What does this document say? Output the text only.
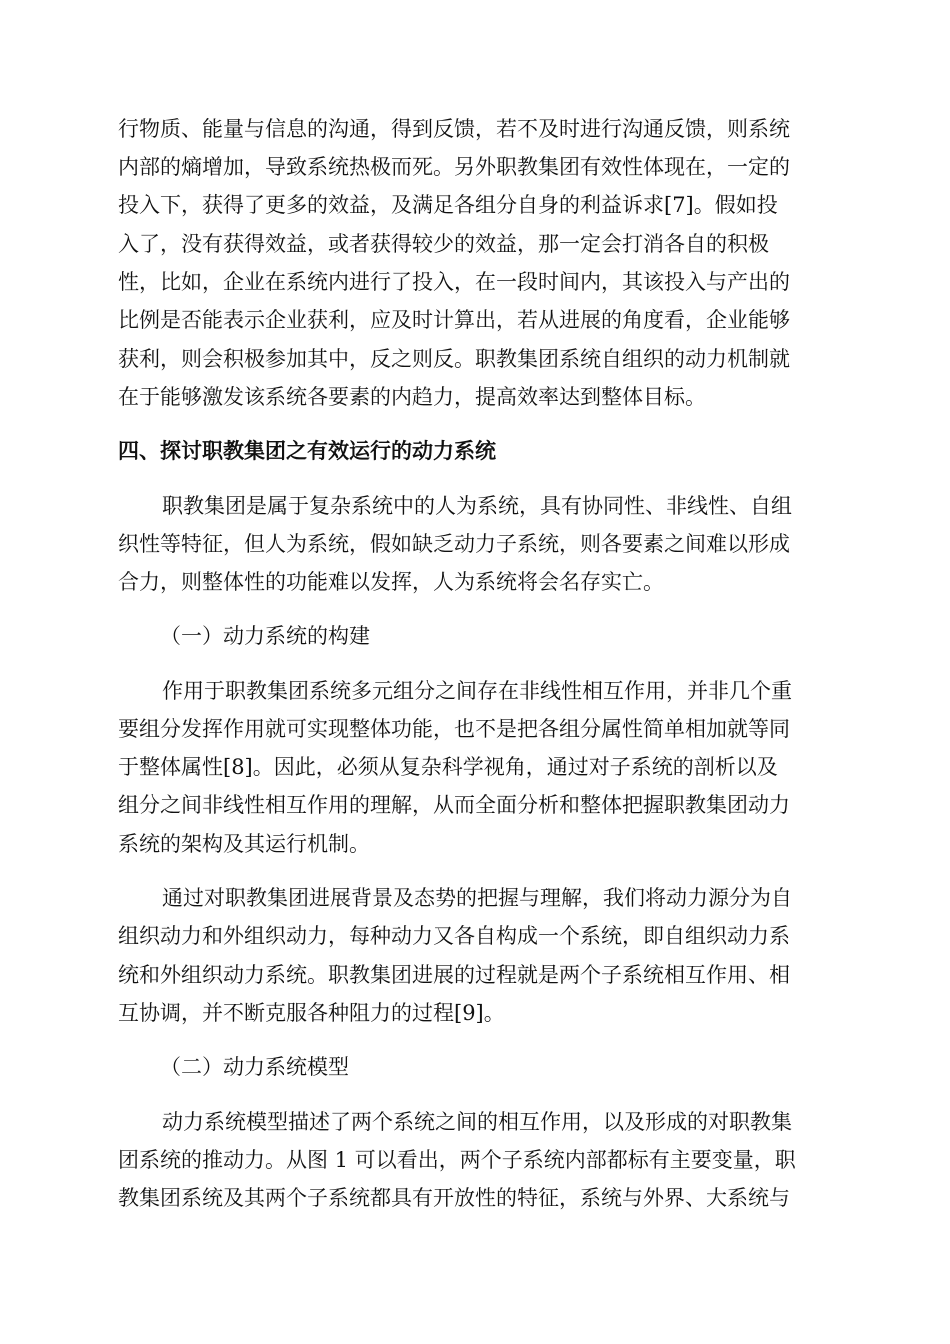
行物质、能量与信息的沟通，得到反馈，若不及时进行沟通反馈，则系统
内部的熵增加，导致系统热极而死。另外职教集团有效性体现在，一定的
投入下，获得了更多的效益，及满足各组分自身的利益诉求[7]。假如投
入了，没有获得效益，或者获得较少的效益，那一定会打消各自的积极
性，比如，企业在系统内进行了投入，在一段时间内，其该投入与产出的
比例是否能表示企业获利，应及时计算出，若从进展的角度看，企业能够
获利，则会积极参加其中，反之则反。职教集团系统自组织的动力机制就
在于能够激发该系统各要素的内趋力，提高效率达到整体目标。
四、探讨职教集团之有效运行的动力系统
职教集团是属于复杂系统中的人为系统，具有协同性、非线性、自组
织性等特征，但人为系统，假如缺乏动力子系统，则各要素之间难以形成
合力，则整体性的功能难以发挥，人为系统将会名存实亡。
（一）动力系统的构建
作用于职教集团系统多元组分之间存在非线性相互作用，并非几个重
要组分发挥作用就可实现整体功能，也不是把各组分属性简单相加就等同
于整体属性[8]。因此，必须从复杂科学视角，通过对子系统的剖析以及
组分之间非线性相互作用的理解，从而全面分析和整体把握职教集团动力
系统的架构及其运行机制。
通过对职教集团进展背景及态势的把握与理解，我们将动力源分为自
组织动力和外组织动力，每种动力又各自构成一个系统，即自组织动力系
统和外组织动力系统。职教集团进展的过程就是两个子系统相互作用、相
互协调，并不断克服各种阻力的过程[9]。
（二）动力系统模型
动力系统模型描述了两个系统之间的相互作用，以及形成的对职教集
团系统的推动力。从图 1 可以看出，两个子系统内部都标有主要变量，职
教集团系统及其两个子系统都具有开放性的特征，系统与外界、大系统与
